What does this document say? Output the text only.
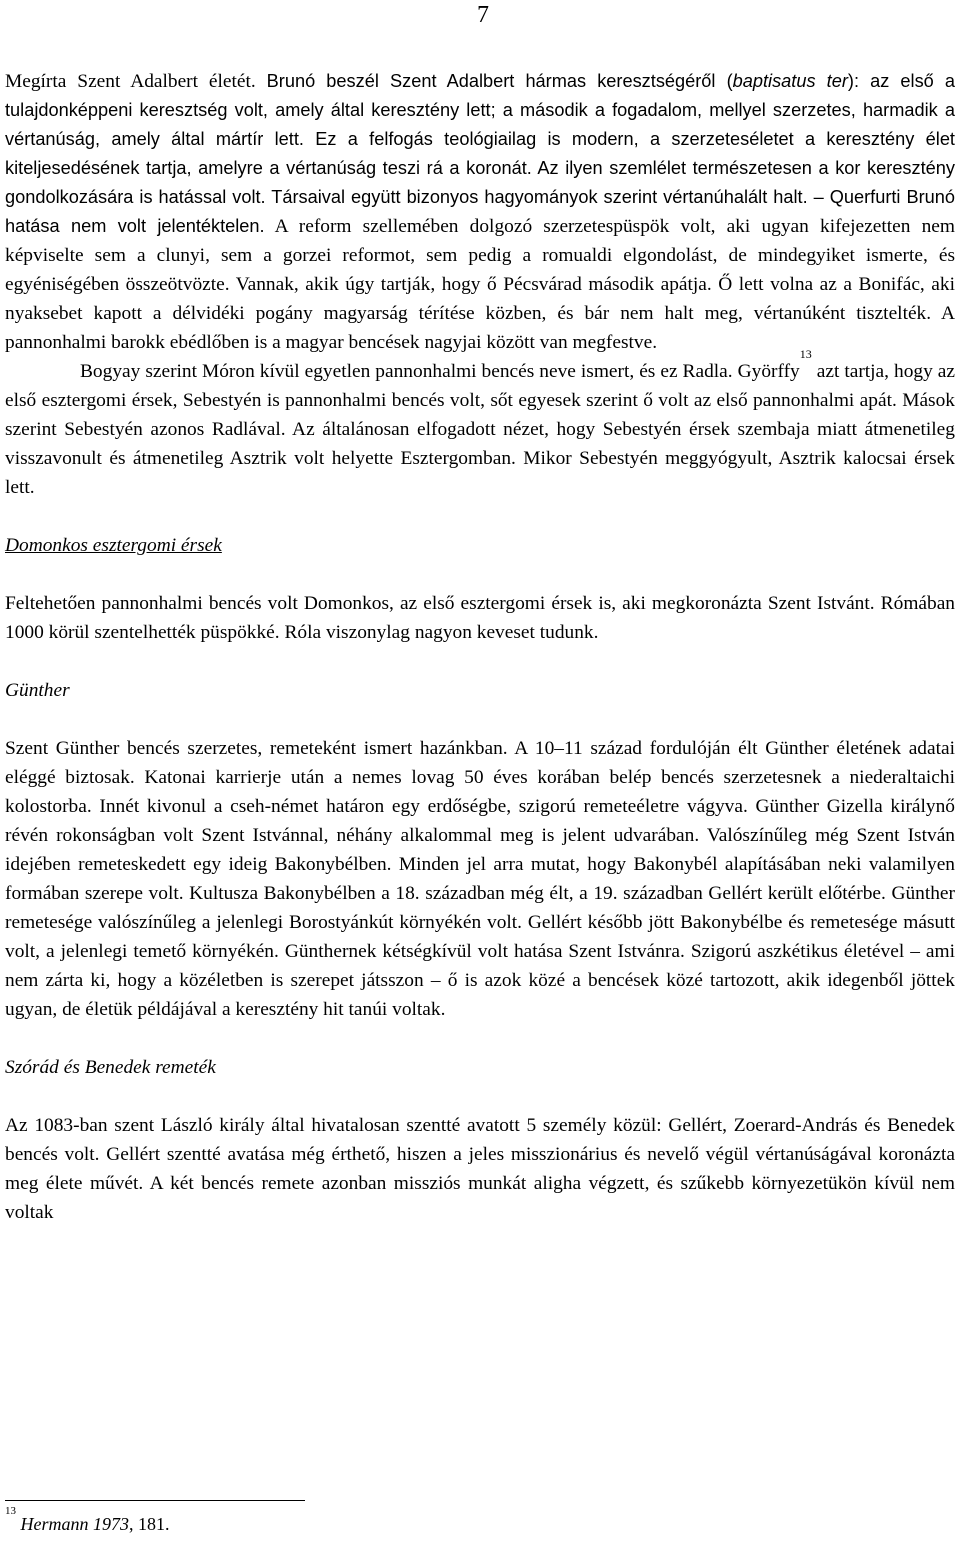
7

Megírta Szent Adalbert életét. Brunó beszél Szent Adalbert hármas keresztségéről (baptisatus ter): az első a tulajdonképpeni keresztség volt, amely által keresztény lett; a második a fogadalom, mellyel szerzetes, harmadik a vértanúság, amely által mártír lett. Ez a felfogás teológiailag is modern, a szerzeteséletet a keresztény élet kiteljesedésének tartja, amelyre a vértanúság teszi rá a koronát. Az ilyen szemlélet természetesen a kor keresztény gondolkozására is hatással volt. Társaival együtt bizonyos hagyományok szerint vértanúhalált halt. – Querfurti Brunó hatása nem volt jelentéktelen. A reform szellemében dolgozó szerzetespüspök volt, aki ugyan kifejezetten nem képviselte sem a clunyi, sem a gorzei reformot, sem pedig a romualdi elgondolást, de mindegyiket ismerte, és egyéniségében összeötvözte. Vannak, akik úgy tartják, hogy ő Pécsvárad második apátja. Ő lett volna az a Bonifác, aki nyaksebet kapott a délvidéki pogány magyarság térítése közben, és bár nem halt meg, vértanúként tisztelték. A pannonhalmi barokk ebédlőben is a magyar bencések nagyjai között van megfestve.

Bogyay szerint Móron kívül egyetlen pannonhalmi bencés neve ismert, és ez Radla. Györffy$^{13}$ azt tartja, hogy az első esztergomi érsek, Sebestyén is pannonhalmi bencés volt, sőt egyesek szerint ő volt az első pannonhalmi apát. Mások szerint Sebestyén azonos Radlával. Az általánosan elfogadott nézet, hogy Sebestyén érsek szembaja miatt átmenetileg visszavonult és átmenetileg Asztrik volt helyette Esztergomban. Mikor Sebestyén meggyógyult, Asztrik kalocsai érsek lett.

Domonkos esztergomi érsek

Feltehetően pannonhalmi bencés volt Domonkos, az első esztergomi érsek is, aki megkoronázta Szent Istvánt. Rómában 1000 körül szentelhették püspökké. Róla viszonylag nagyon keveset tudunk.

Günther

Szent Günther bencés szerzetes, remeteként ismert hazánkban. A 10–11 század fordulóján élt Günther életének adatai eléggé biztosak. Katonai karrierje után a nemes lovag 50 éves korában belép bencés szerzetesnek a niederaltaichi kolostorba. Innét kivonul a cseh-német határon egy erdőségbe, szigorú remeteéletre vágyva. Günther Gizella királynő révén rokonságban volt Szent Istvánnal, néhány alkalommal meg is jelent udvarában. Valószínűleg még Szent István idejében remeteskedett egy ideig Bakonybélben. Minden jel arra mutat, hogy Bakonybél alapításában neki valamilyen formában szerepe volt. Kultusza Bakonybélben a 18. században még élt, a 19. században Gellért került előtérbe. Günther remetesége valószínűleg a jelenlegi Borostyánkút környékén volt. Gellért később jött Bakonybélbe és remetesége másutt volt, a jelenlegi temető környékén. Günthernek kétségkívül volt hatása Szent Istvánra. Szigorú aszkétikus életével – ami nem zárta ki, hogy a közéletben is szerepet játsszon – ő is azok közé a bencések közé tartozott, akik idegenből jöttek ugyan, de életük példájával a keresztény hit tanúi voltak.

Szórád és Benedek remeték

Az 1083-ban szent László király által hivatalosan szentté avatott 5 személy közül: Gellért, Zoerard-András és Benedek bencés volt. Gellért szentté avatása még érthető, hiszen a jeles misszionárius és nevelő végül vértanúságával koronázta meg élete művét. A két bencés remete azonban missziós munkát aligha végzett, és szűkebb környezetükön kívül nem voltak

$^{13}$ Hermann 1973, 181.
